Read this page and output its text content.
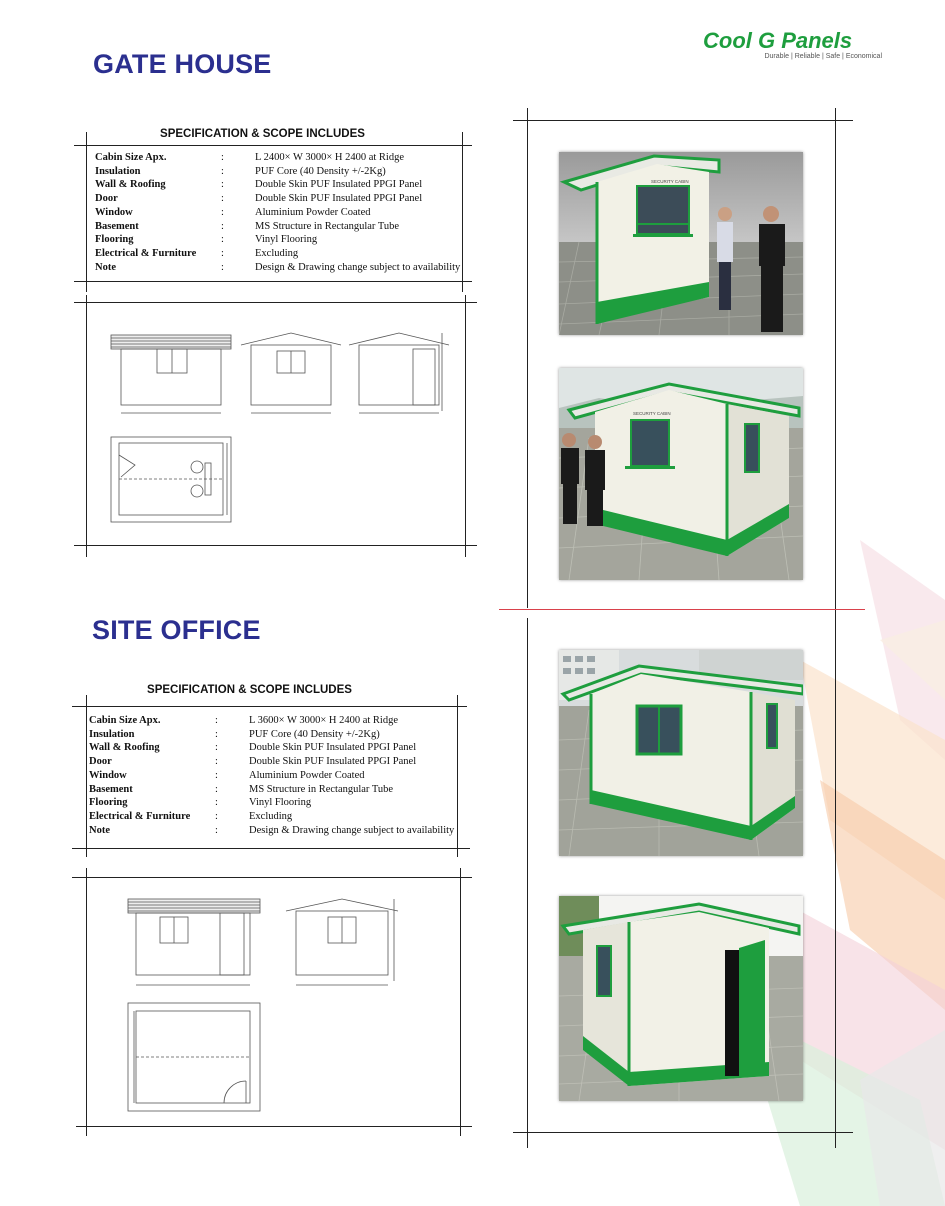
Cool G Panels
Durable | Reliable | Safe | Economical
GATE HOUSE
SPECIFICATION & SCOPE INCLUDES
Cabin Size Apx.	:	L 2400× W 3000× H 2400 at Ridge
Insulation	:	PUF Core (40 Density +/-2Kg)
Wall & Roofing	:	Double Skin PUF Insulated PPGI Panel
Door	:	Double Skin PUF Insulated PPGI Panel
Window	:	Aluminium Powder Coated
Basement	:	MS Structure in Rectangular Tube
Flooring	:	Vinyl Flooring
Electrical & Furniture	:	Excluding
Note	:	Design & Drawing change subject to availability
SECURITY CABIN
SECURITY CABIN
SITE OFFICE
SPECIFICATION & SCOPE INCLUDES
Cabin Size Apx.	:	L 3600× W 3000× H 2400 at Ridge
Insulation	:	PUF Core (40 Density +/-2Kg)
Wall & Roofing	:	Double Skin PUF Insulated PPGI Panel
Door	:	Double Skin PUF Insulated PPGI Panel
Window	:	Aluminium Powder Coated
Basement	:	MS Structure in Rectangular Tube
Flooring	:	Vinyl Flooring
Electrical & Furniture	:	Excluding
Note	:	Design & Drawing change subject to availability
